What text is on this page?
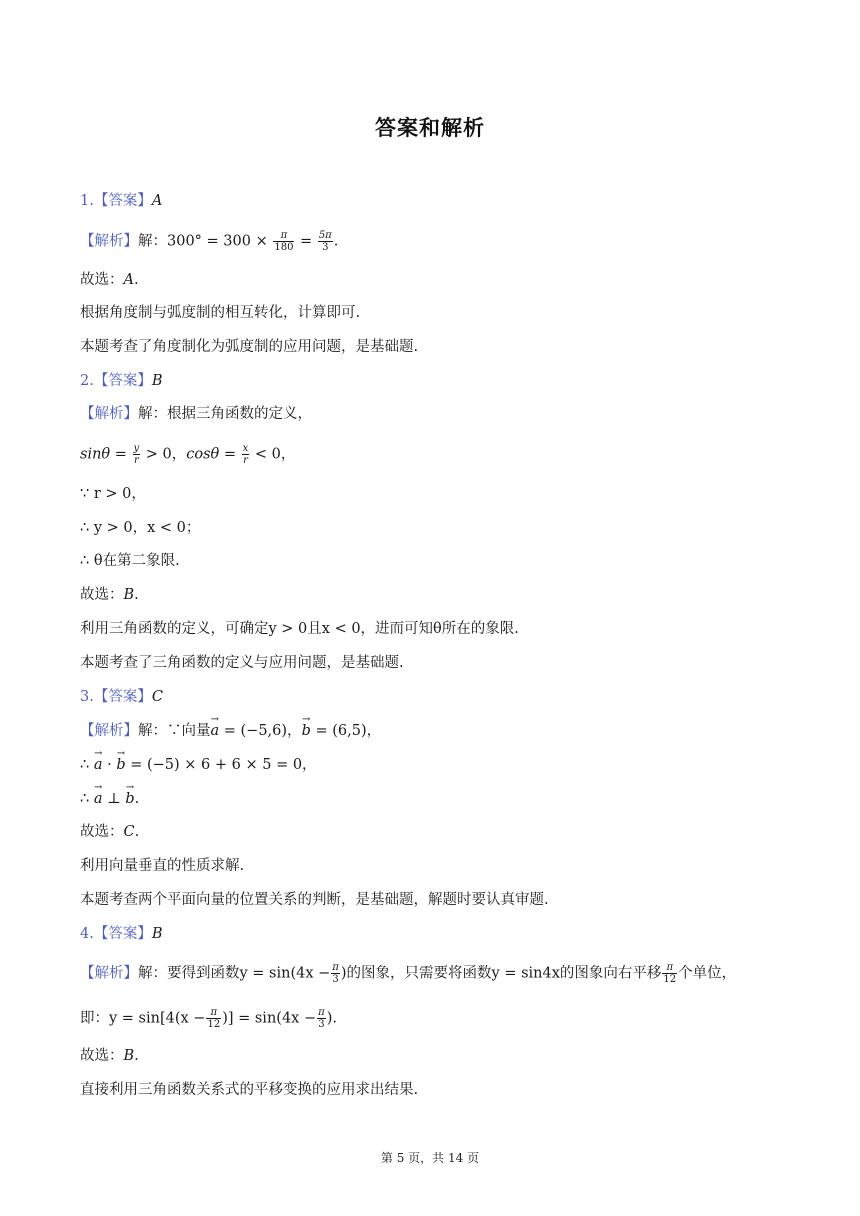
答案和解析
1.【答案】A
【解析】解：$300^\circ = 300 \times \frac{\pi}{180} = \frac{5\pi}{3}$ .
故选：A.
根据角度制与弧度制的相互转化，计算即可.
本题考查了角度制化为弧度制的应用问题，是基础题.
2.【答案】B
【解析】解：根据三角函数的定义，
$\sin\theta = \frac{y}{r} > 0$，$\cos\theta = \frac{x}{r} < 0$，
∵ r > 0，
∴ y > 0，x < 0；
∴ θ在第二象限.
故选：B.
利用三角函数的定义，可确定y > 0且x < 0，进而可知θ所在的象限.
本题考查了三角函数的定义与应用问题，是基础题.
3.【答案】C
【解析】解：∵向量→ a = (−5,6)，→ b = (6,5)，
∴ → a · → b = (−5) × 6 + 6 × 5 = 0，
∴ → a ⊥ → b.
故选：C.
利用向量垂直的性质求解.
本题考查两个平面向量的位置关系的判断，是基础题，解题时要认真审题.
4.【答案】B
【解析】解：要得到函数$y = \sin(4x - \frac{\pi}{3}$ )的图象，只需要将函数y = sin4x的图象向右平移 $\frac{\pi}{12}$ 个单位，
即：$y = \sin[4(x - \frac{\pi}{12}$ )] = $\sin(4x - \frac{\pi}{3}$ ).
故选：B.
直接利用三角函数关系式的平移变换的应用求出结果.
第 5 页，共 14 页
